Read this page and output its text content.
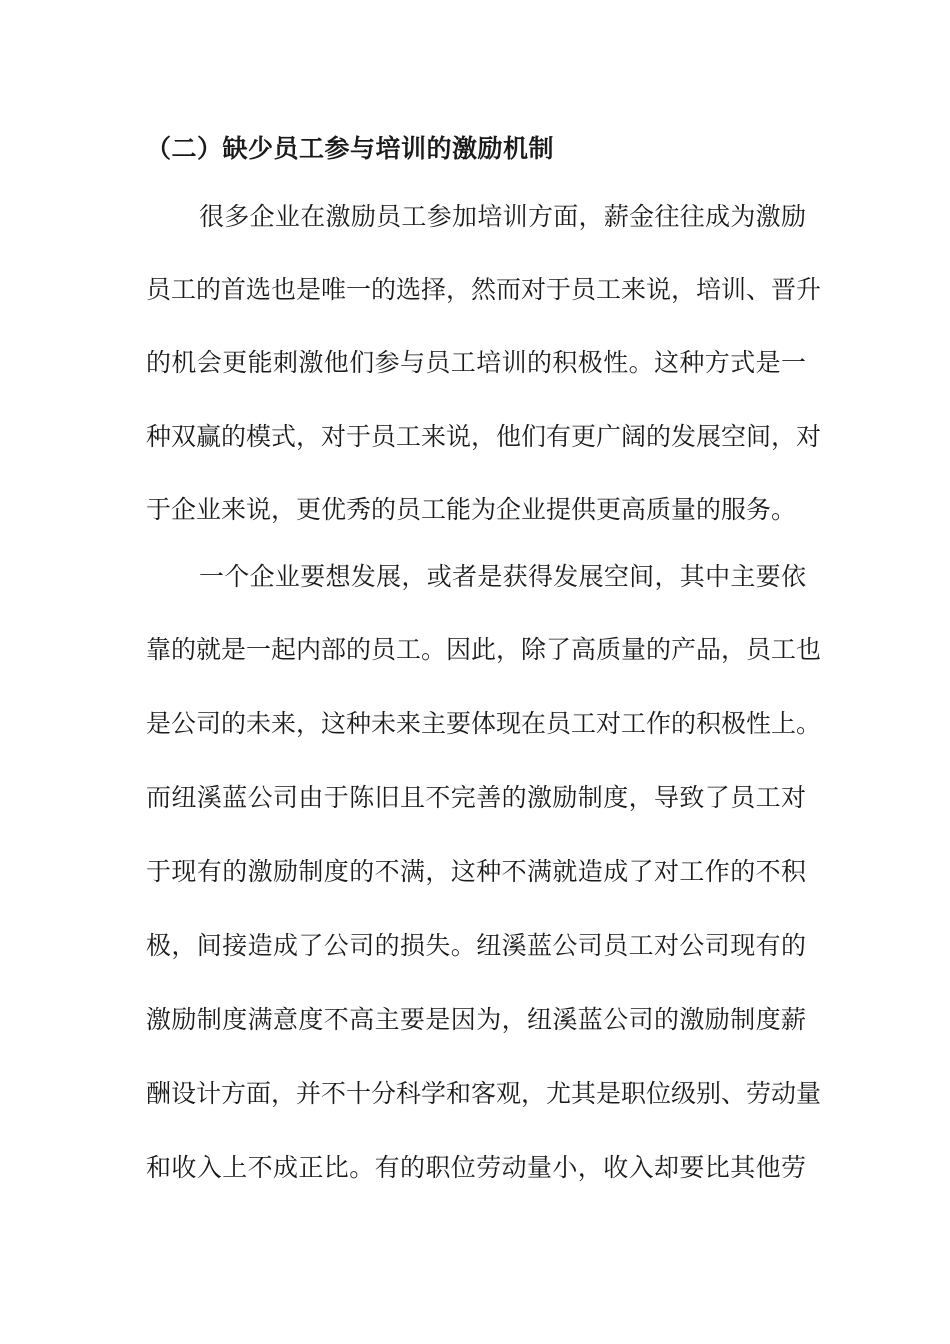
（二）缺少员工参与培训的激励机制
很多企业在激励员工参加培训方面，薪金往往成为激励
员工的首选也是唯一的选择，然而对于员工来说，培训、晋升
的机会更能刺激他们参与员工培训的积极性。这种方式是一
种双赢的模式，对于员工来说，他们有更广阔的发展空间，对
于企业来说，更优秀的员工能为企业提供更高质量的服务。
一个企业要想发展，或者是获得发展空间，其中主要依
靠的就是一起内部的员工。因此，除了高质量的产品，员工也
是公司的未来，这种未来主要体现在员工对工作的积极性上。
而纽溪蓝公司由于陈旧且不完善的激励制度，导致了员工对
于现有的激励制度的不满，这种不满就造成了对工作的不积
极，间接造成了公司的损失。纽溪蓝公司员工对公司现有的
激励制度满意度不高主要是因为，纽溪蓝公司的激励制度薪
酬设计方面，并不十分科学和客观，尤其是职位级别、劳动量
和收入上不成正比。有的职位劳动量小，收入却要比其他劳
